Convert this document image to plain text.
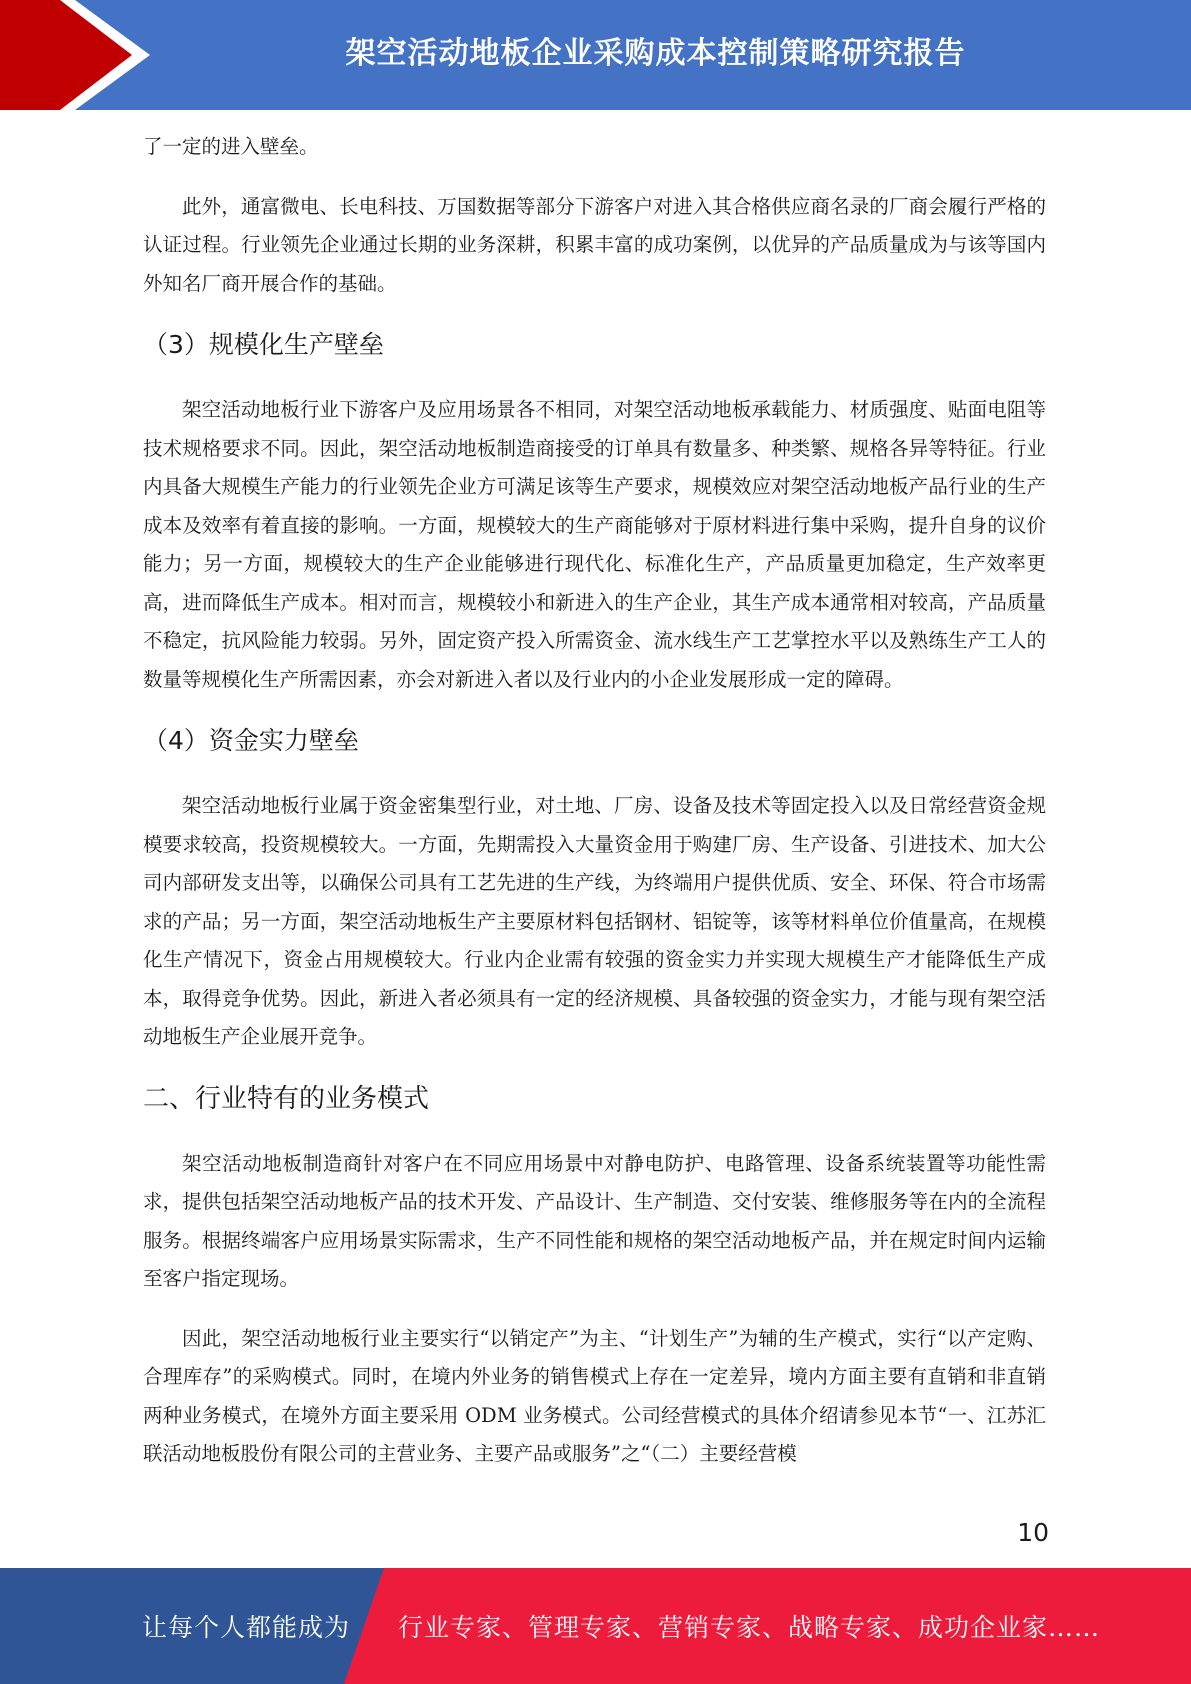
架空活动地板企业采购成本控制策略研究报告

了一定的进入壁垒。

此外，通富微电、长电科技、万国数据等部分下游客户对进入其合格供应商名录的厂商会履行严格的认证过程。行业领先企业通过长期的业务深耕，积累丰富的成功案例，以优异的产品质量成为与该等国内外知名厂商开展合作的基础。

（3）规模化生产壁垒

架空活动地板行业下游客户及应用场景各不相同，对架空活动地板承载能力、材质强度、贴面电阻等技术规格要求不同。因此，架空活动地板制造商接受的订单具有数量多、种类繁、规格各异等特征。行业内具备大规模生产能力的行业领先企业方可满足该等生产要求，规模效应对架空活动地板产品行业的生产成本及效率有着直接的影响。一方面，规模较大的生产商能够对于原材料进行集中采购，提升自身的议价能力；另一方面，规模较大的生产企业能够进行现代化、标准化生产，产品质量更加稳定，生产效率更高，进而降低生产成本。相对而言，规模较小和新进入的生产企业，其生产成本通常相对较高，产品质量不稳定，抗风险能力较弱。另外，固定资产投入所需资金、流水线生产工艺掌控水平以及熟练生产工人的数量等规模化生产所需因素，亦会对新进入者以及行业内的小企业发展形成一定的障碍。

（4）资金实力壁垒

架空活动地板行业属于资金密集型行业，对土地、厂房、设备及技术等固定投入以及日常经营资金规模要求较高，投资规模较大。一方面，先期需投入大量资金用于购建厂房、生产设备、引进技术、加大公司内部研发支出等，以确保公司具有工艺先进的生产线，为终端用户提供优质、安全、环保、符合市场需求的产品；另一方面，架空活动地板生产主要原材料包括钢材、铝锭等，该等材料单位价值量高，在规模化生产情况下，资金占用规模较大。行业内企业需有较强的资金实力并实现大规模生产才能降低生产成本，取得竞争优势。因此，新进入者必须具有一定的经济规模、具备较强的资金实力，才能与现有架空活动地板生产企业展开竞争。

二、行业特有的业务模式

架空活动地板制造商针对客户在不同应用场景中对静电防护、电路管理、设备系统装置等功能性需求，提供包括架空活动地板产品的技术开发、产品设计、生产制造、交付安装、维修服务等在内的全流程服务。根据终端客户应用场景实际需求，生产不同性能和规格的架空活动地板产品，并在规定时间内运输至客户指定现场。

因此，架空活动地板行业主要实行“以销定产”为主、“计划生产”为辅的生产模式，实行“以产定购、合理库存”的采购模式。同时，在境内外业务的销售模式上存在一定差异，境内方面主要有直销和非直销两种业务模式，在境外方面主要采用 ODM 业务模式。公司经营模式的具体介绍请参见本节“一、江苏汇联活动地板股份有限公司的主营业务、主要产品或服务”之“（二）主要经营模

10
让每个人都能成为 行业专家、管理专家、营销专家、战略专家、成功企业家……
